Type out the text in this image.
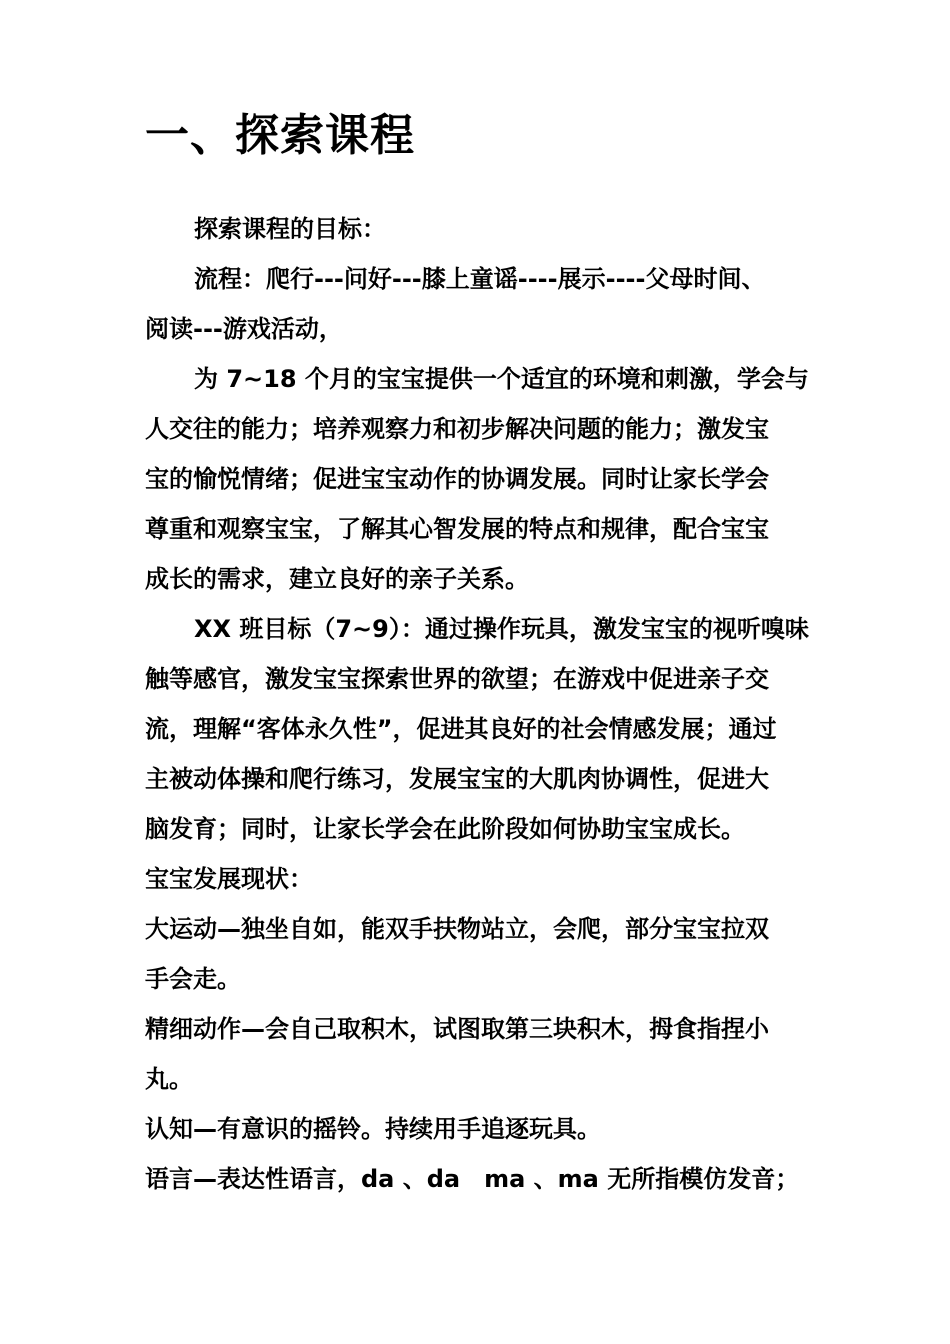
一、探索课程
探索课程的目标：
流程：爬行---问好---膝上童谣----展示----父母时间、
阅读---游戏活动，
为 7~18 个月的宝宝提供一个适宜的环境和刺激，学会与
人交往的能力；培养观察力和初步解决问题的能力；激发宝
宝的愉悦情绪；促进宝宝动作的协调发展。同时让家长学会
尊重和观察宝宝，了解其心智发展的特点和规律，配合宝宝
成长的需求，建立良好的亲子关系。
XX 班目标（7~9）：通过操作玩具，激发宝宝的视听嗅味
触等感官，激发宝宝探索世界的欲望；在游戏中促进亲子交
流，理解“客体永久性”，促进其良好的社会情感发展；通过
主被动体操和爬行练习，发展宝宝的大肌肉协调性，促进大
脑发育；同时，让家长学会在此阶段如何协助宝宝成长。
宝宝发展现状：
大运动—独坐自如，能双手扶物站立，会爬，部分宝宝拉双
手会走。
精细动作—会自己取积木，试图取第三块积木，拇食指捏小
丸。
认知—有意识的摇铃。持续用手追逐玩具。
语言—表达性语言，da 、da　ma 、ma 无所指模仿发音；
